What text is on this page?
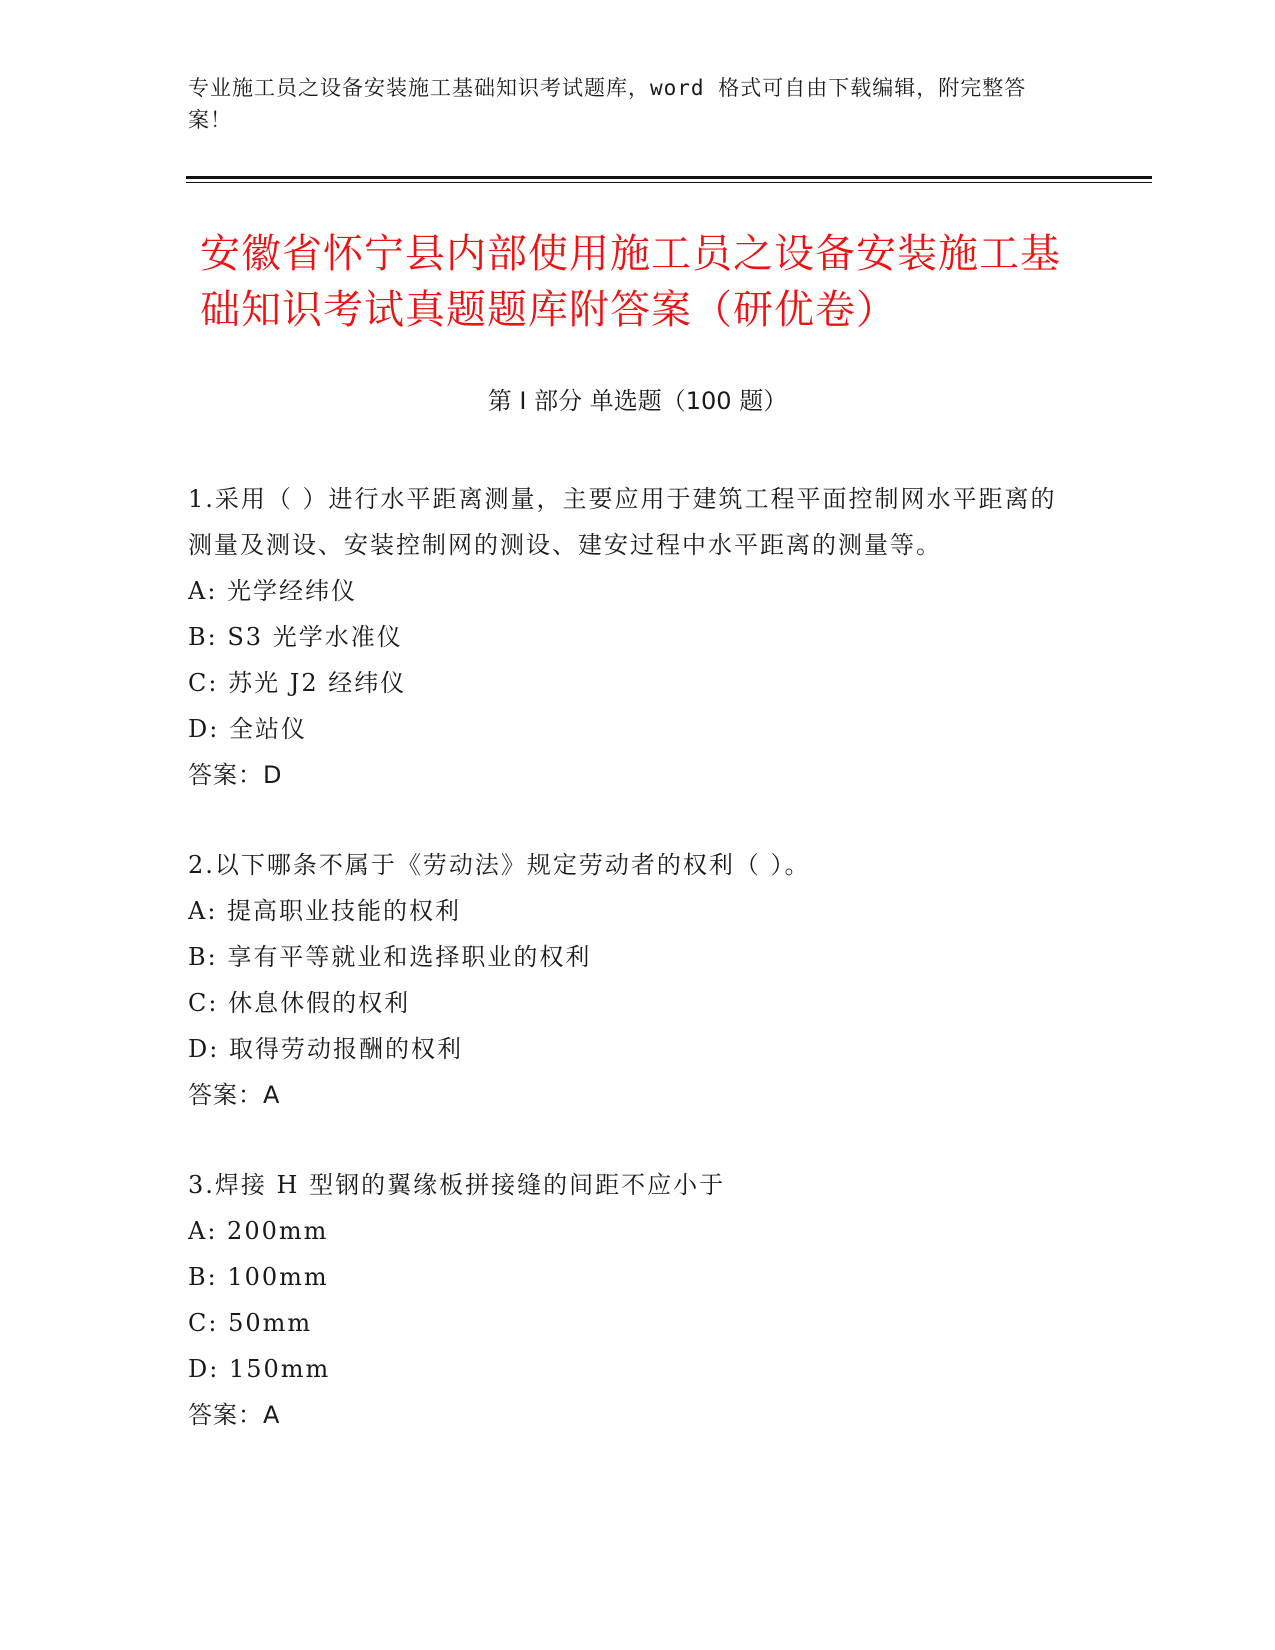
专业施工员之设备安装施工基础知识考试题库，word 格式可自由下载编辑，附完整答案！
安徽省怀宁县内部使用施工员之设备安装施工基础知识考试真题题库附答案（研优卷）
第 I 部分 单选题（100 题）
1.采用（ ）进行水平距离测量，主要应用于建筑工程平面控制网水平距离的测量及测设、安装控制网的测设、建安过程中水平距离的测量等。
A: 光学经纬仪
B: S3 光学水准仪
C: 苏光 J2 经纬仪
D: 全站仪
答案：D
2.以下哪条不属于《劳动法》规定劳动者的权利（ ）。
A: 提高职业技能的权利
B: 享有平等就业和选择职业的权利
C: 休息休假的权利
D: 取得劳动报酬的权利
答案：A
3.焊接 H 型钢的翼缘板拼接缝的间距不应小于
A: 200mm
B: 100mm
C: 50mm
D: 150mm
答案：A
